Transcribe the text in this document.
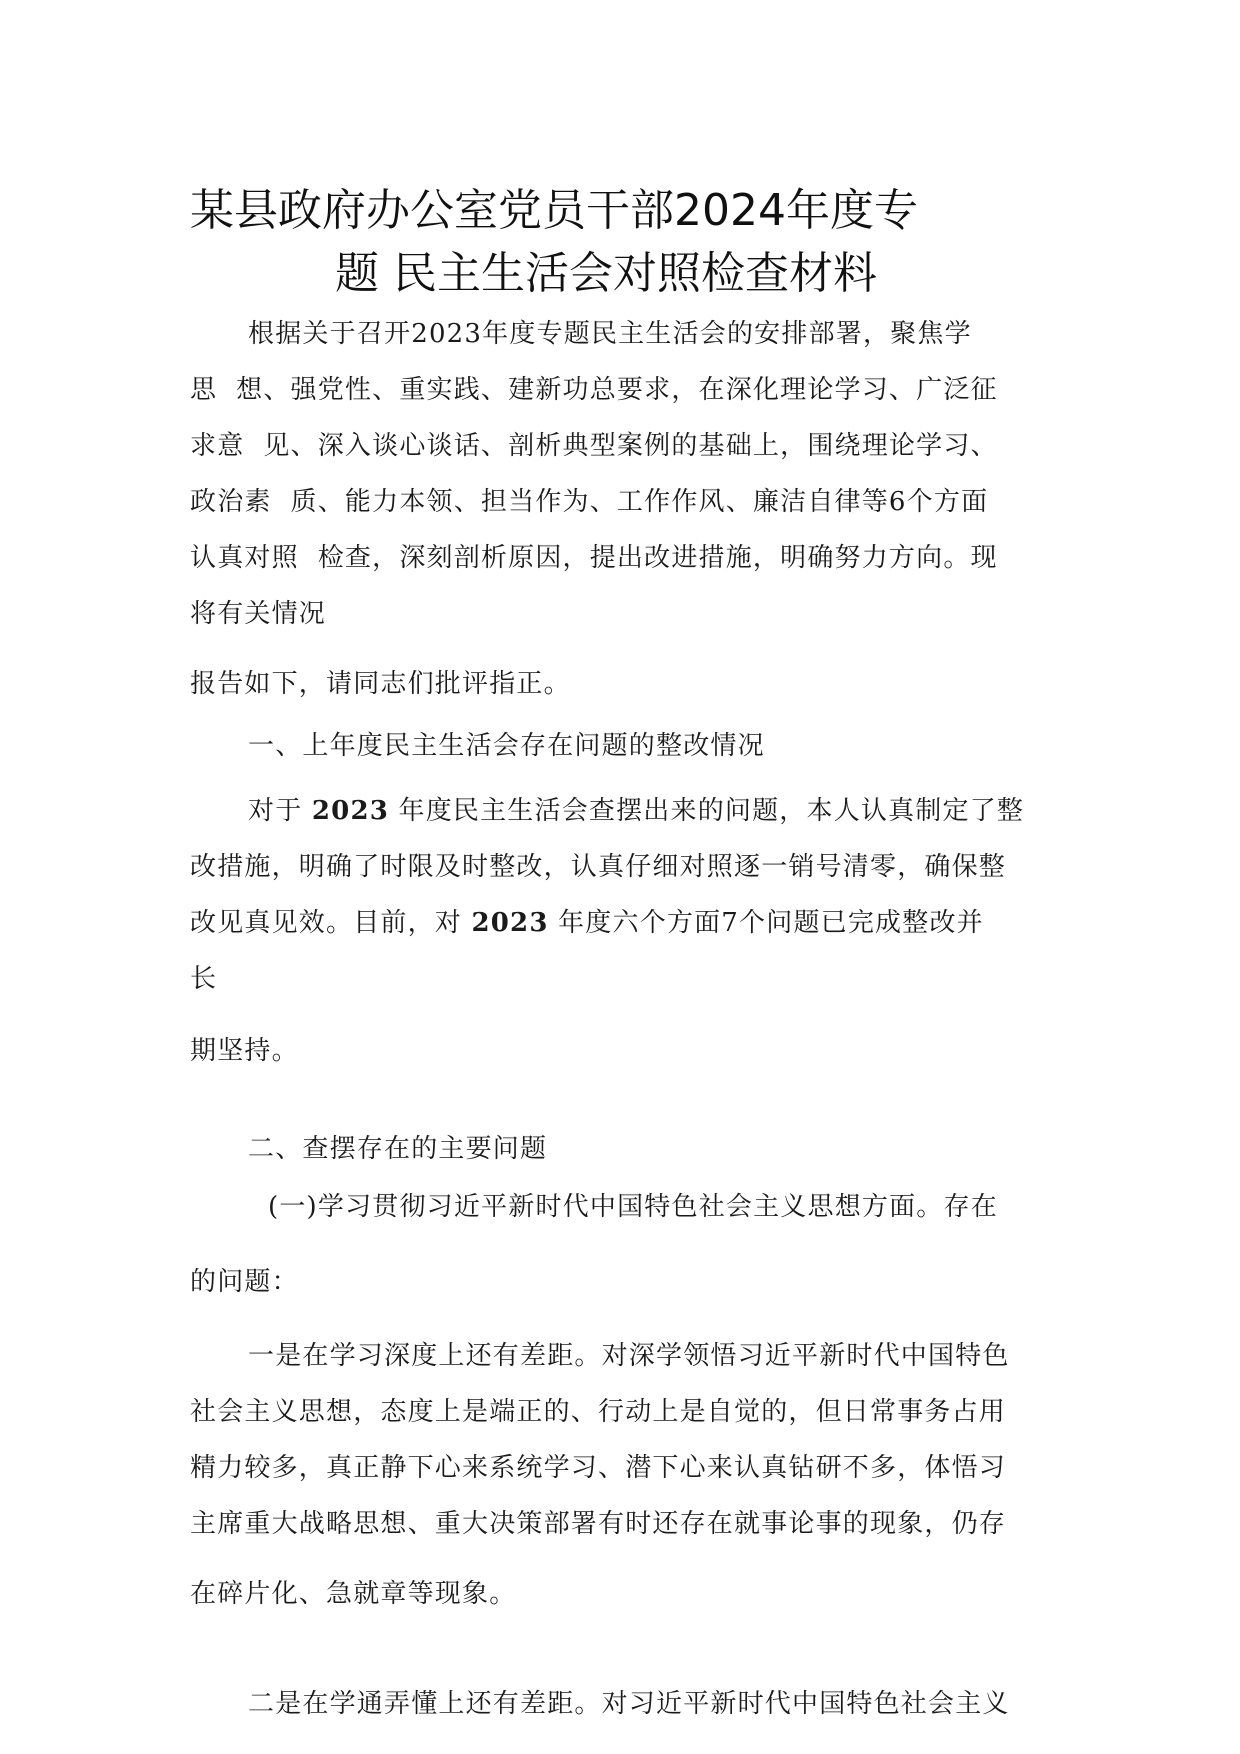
某县政府办公室党员干部2024年度专
题 民主生活会对照检查材料
根据关于召开2023年度专题民主生活会的安排部署，聚焦学
思  想、强党性、重实践、建新功总要求，在深化理论学习、广泛征
求意  见、深入谈心谈话、剖析典型案例的基础上，围绕理论学习、
政治素  质、能力本领、担当作为、工作作风、廉洁自律等6个方面
认真对照  检查，深刻剖析原因，提出改进措施，明确努力方向。现
将有关情况
报告如下，请同志们批评指正。
一、上年度民主生活会存在问题的整改情况
对于 2023 年度民主生活会查摆出来的问题，本人认真制定了整
改措施，明确了时限及时整改，认真仔细对照逐一销号清零，确保整
改见真见效。目前，对 2023 年度六个方面7个问题已完成整改并
长
期坚持。
二、查摆存在的主要问题
(一)学习贯彻习近平新时代中国特色社会主义思想方面。存在
的问题：
一是在学习深度上还有差距。对深学领悟习近平新时代中国特色
社会主义思想，态度上是端正的、行动上是自觉的，但日常事务占用
精力较多，真正静下心来系统学习、潜下心来认真钻研不多，体悟习
主席重大战略思想、重大决策部署有时还存在就事论事的现象，仍存
在碎片化、急就章等现象。
二是在学通弄懂上还有差距。对习近平新时代中国特色社会主义
